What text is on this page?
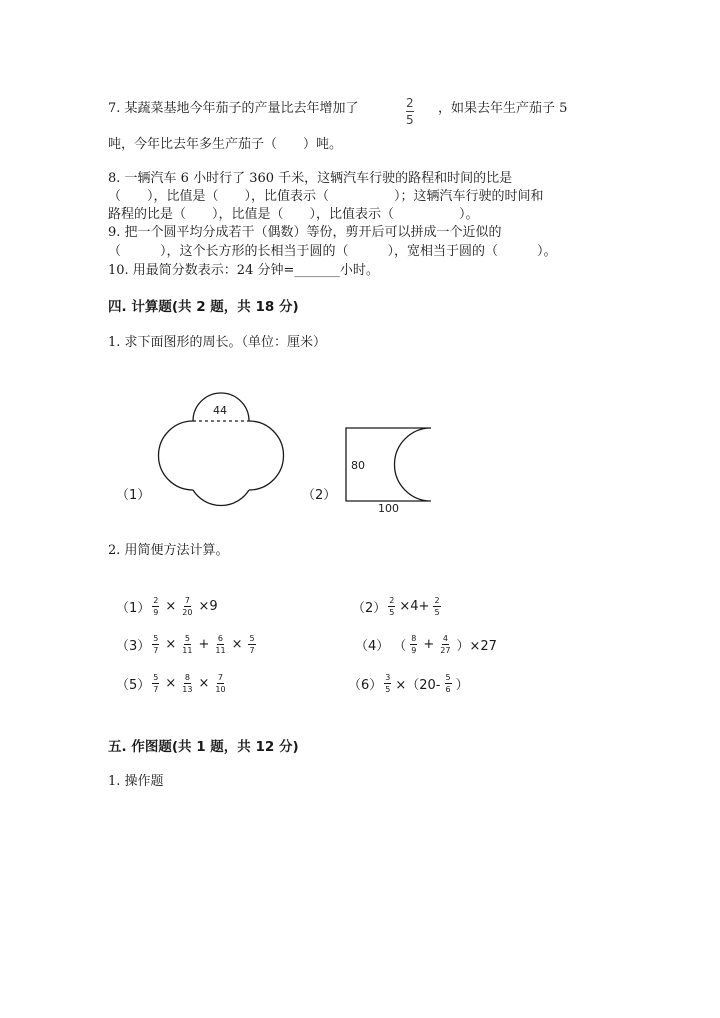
7. 某蔬菜基地今年茄子的产量比去年增加了	$\frac{2}{5}$ ，如果去年生产茄子 5
吨，今年比去年多生产茄子（　　）吨。
8. 一辆汽车 6 小时行了 360 千米，这辆汽车行驶的路程和时间的比是
（　　），比值是（　　），比值表示（　　　　　）；这辆汽车行驶的时间和
路程的比是（　　），比值是（　　），比值表示（　　　　　）。
9. 把一个圆平均分成若干（偶数）等份，剪开后可以拼成一个近似的
（　　　），这个长方形的长相当于圆的（　　　），宽相当于圆的（　　　）。
10. 用最简分数表示：24 分钟=_______小时。
四. 计算题(共 2 题，共 18 分)
1. 求下面图形的周长。（单位：厘米）
（1）
44
（2）
80
100
2. 用简便方法计算。
$(1) \frac{2}{9} \times \frac{7}{20} \times 9$	$(2) \frac{2}{5} \times 4+ \frac{2}{5}$
$(3) \frac{5}{7} \times \frac{5}{11} + \frac{6}{11} \times \frac{5}{7}$	（4） （ $\frac{8}{9} + \frac{4}{27} )\times 27$
$(5) \frac{5}{7} \times \frac{8}{13} \times \frac{7}{10}$	$(6) \frac{3}{5} \times(20- \frac{5}{6}$ ）
五. 作图题(共 1 题，共 12 分)
1. 操作题
